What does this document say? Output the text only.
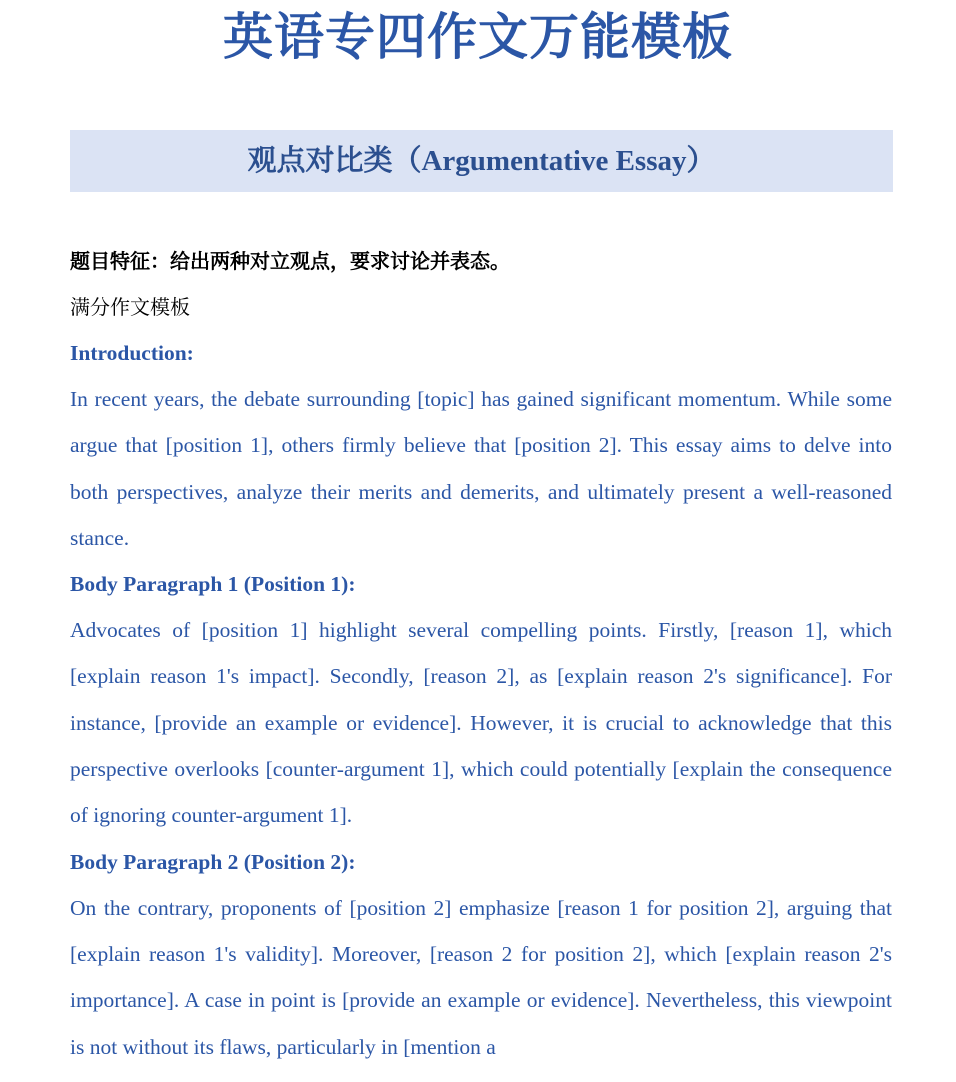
英语专四作文万能模板
观点对比类（Argumentative Essay）

题目特征：给出两种对立观点，要求讨论并表态。

满分作文模板

Introduction:

In recent years, the debate surrounding [topic] has gained significant momentum. While some argue that [position 1], others firmly believe that [position 2]. This essay aims to delve into both perspectives, analyze their merits and demerits, and ultimately present a well-reasoned stance.

Body Paragraph 1 (Position 1):

Advocates of [position 1] highlight several compelling points. Firstly, [reason 1], which [explain reason 1's impact]. Secondly, [reason 2], as [explain reason 2's significance]. For instance, [provide an example or evidence]. However, it is crucial to acknowledge that this perspective overlooks [counter-argument 1], which could potentially [explain the consequence of ignoring counter-argument 1].

Body Paragraph 2 (Position 2):

On the contrary, proponents of [position 2] emphasize [reason 1 for position 2], arguing that [explain reason 1's validity]. Moreover, [reason 2 for position 2], which [explain reason 2's importance]. A case in point is [provide an example or evidence]. Nevertheless, this viewpoint is not without its flaws, particularly in [mention a
